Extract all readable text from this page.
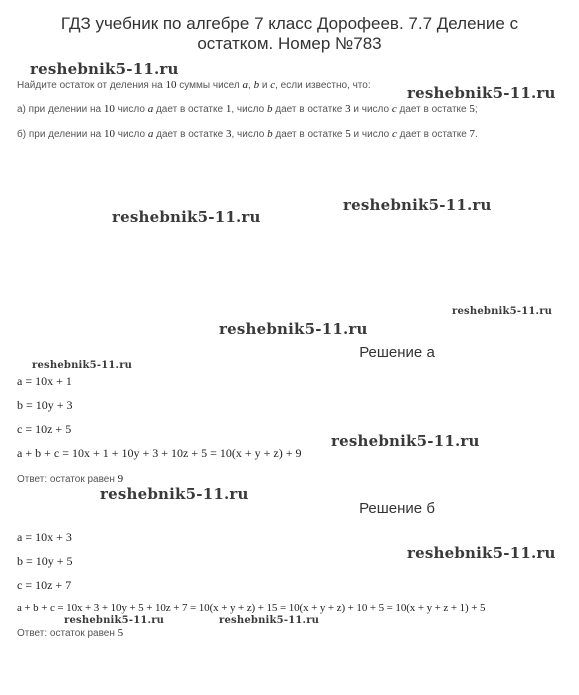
ГДЗ учебник по алгебре 7 класс Дорофеев. 7.7 Деление с
остатком. Номер №783
Найдите остаток от деления на 10 суммы чисел a, b и c, если известно, что:
а) при делении на 10 число a дает в остатке 1, число b дает в остатке 3 и число c дает в остатке 5;
б) при делении на 10 число a дает в остатке 3, число b дает в остатке 5 и число c дает в остатке 7.
Решение а
a = 10x + 1
b = 10y + 3
c = 10z + 5
a + b + c = 10x + 1 + 10y + 3 + 10z + 5 = 10(x + y + z) + 9
Ответ: остаток равен 9
Решение б
a = 10x + 3
b = 10y + 5
c = 10z + 7
a + b + c = 10x + 3 + 10y + 5 + 10z + 7 = 10(x + y + z) + 15 = 10(x + y + z) + 10 + 5 = 10(x + y + z + 1) + 5
Ответ: остаток равен 5
reshebnik5-11.ru
reshebnik5-11.ru
reshebnik5-11.ru
reshebnik5-11.ru
reshebnik5-11.ru
reshebnik5-11.ru
reshebnik5-11.ru
reshebnik5-11.ru
reshebnik5-11.ru
reshebnik5-11.ru
reshebnik5-11.ru	reshebnik5-11.ru
